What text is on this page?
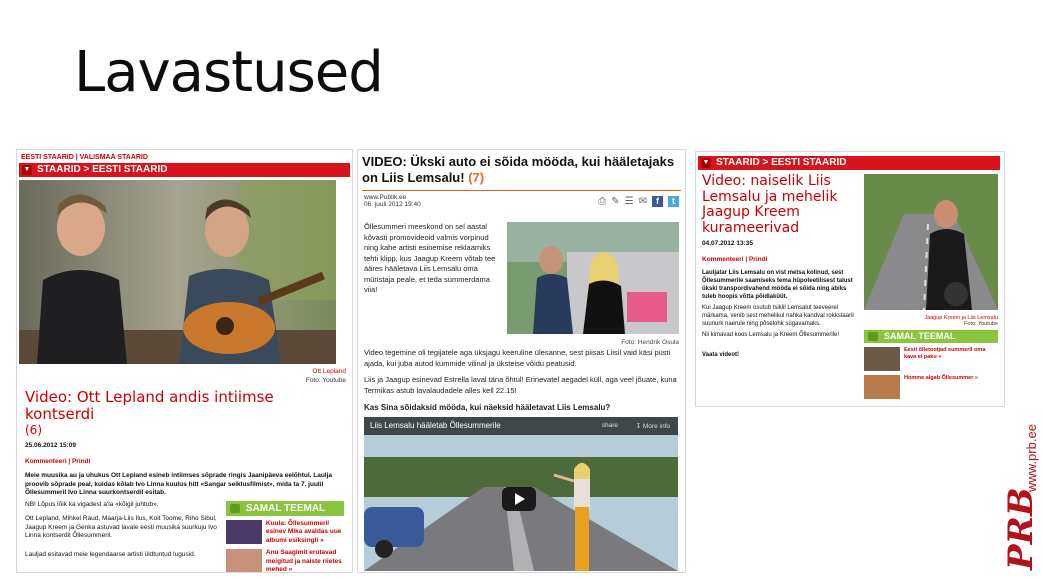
Lavastused
EESTI STAARID | VALISMAA STAARID
▼ STAARID > EESTI STAARID
Ott Lepland
Foto: Youtube
Video: Ott Lepland andis intiimse kontserdi
(6)
25.06.2012 15:09
Kommenteeri | Prindi
Meie muusika au ja uhukus Ott Lepland esineb intiimses sõprade ringis Jaanipäeva eelõhtul. Laulja proovib sõprade peal, kuidas kõlab Ivo Linna kuulus hitt «Sangar seiklusfilmist», mida ta 7. juulil Õllesummeril Ivo Linna suurkontserdil esitab.
NB! Lõpus lõik ka vigadest a'la «kõigil juhtub».
Ott Lepland, Mihkel Raud, Maarja-Liis Ilus, Koit Toome, Riho Sibul, Jaagup Kreem ja Genka astuvad lavale eesti muusika suurkuju Ivo Linna kontserdil Õllesummeril.
Lauljad esitavad meie legendaarse artisti üldtuntud lugusid.
SAMAL TEEMAL
Kuula: Õllesummeril esinev Mika avaldas uue albumi esiksingli »
Anu Saagimit erutavad meigitud ja naiste riietes mehed »
VIDEO: Ükski auto ei sõida mööda, kui hääletajaks on Liis Lemsalu! (7)
www.Publik.ee
06. juuli 2012 19:40	⎙ ✎ ☰ ✉	f	t
Õllesummeri meeskond on sel aastal kõvasti promovideoid valmis vorpinud ning kahe artisti esinemise reklaamiks tehti klipp, kus Jaagup Kreem võtab tee ääres hääletava Liis Lemsalu oma müristaja peale, et teda summerdama viia!
Foto: Hendrik Osula
Video tegemine oli tegijatele aga üksjagu keeruline ülesanne, sest piisas Liisil vaid käsi püsti ajada, kui juba autod kummide vilinal ja üksteise võidu peatusid.
Liis ja Jaagup esinevad Estrella laval täna õhtul! Erinevatel aegadel küll, aga veel jõuate, kuna Termikas astub lavalaudadele alles kell 22.15!
Kas Sina sõidaksid mööda, kui näeksid hääletavat Liis Lemsalu?
Liis Lemsalu hääletab Õllesummerile	share	↧ More info
▼ STAARID > EESTI STAARID
Video: naiselik Liis Lemsalu ja mehelik Jaagup Kreem kurameerivad
04.07.2012 13:35
Kommenteeri | Prindi
Lauljatar Liis Lemsalu on vist metsa kolinud, sest Õllesummerile saamiseks tema hüpoteetilisest talust ükski transpordivahend mööda ei sõida ning abiks tuleb hoopis võtta põidlaküüt.
Kui Jaagup Kreem osutub tsiklil Lemsalut teeveerel märkama, venib sest mehelikul nahka kandval rokkstaaril suunurk naerule ning põselohk sügavamaks.
Nii kimavad koos Lemsalu ja Kreem Õllesummerile!
Vaata videot!
Jaagup Kreem ja Liis Lemsalu
Foto: Youtube
SAMAL TEEMAL
Eesti õlletootjad summeril oma kava ei paku »
Homme algab Õllesummer »
PRB
www.prb.ee
